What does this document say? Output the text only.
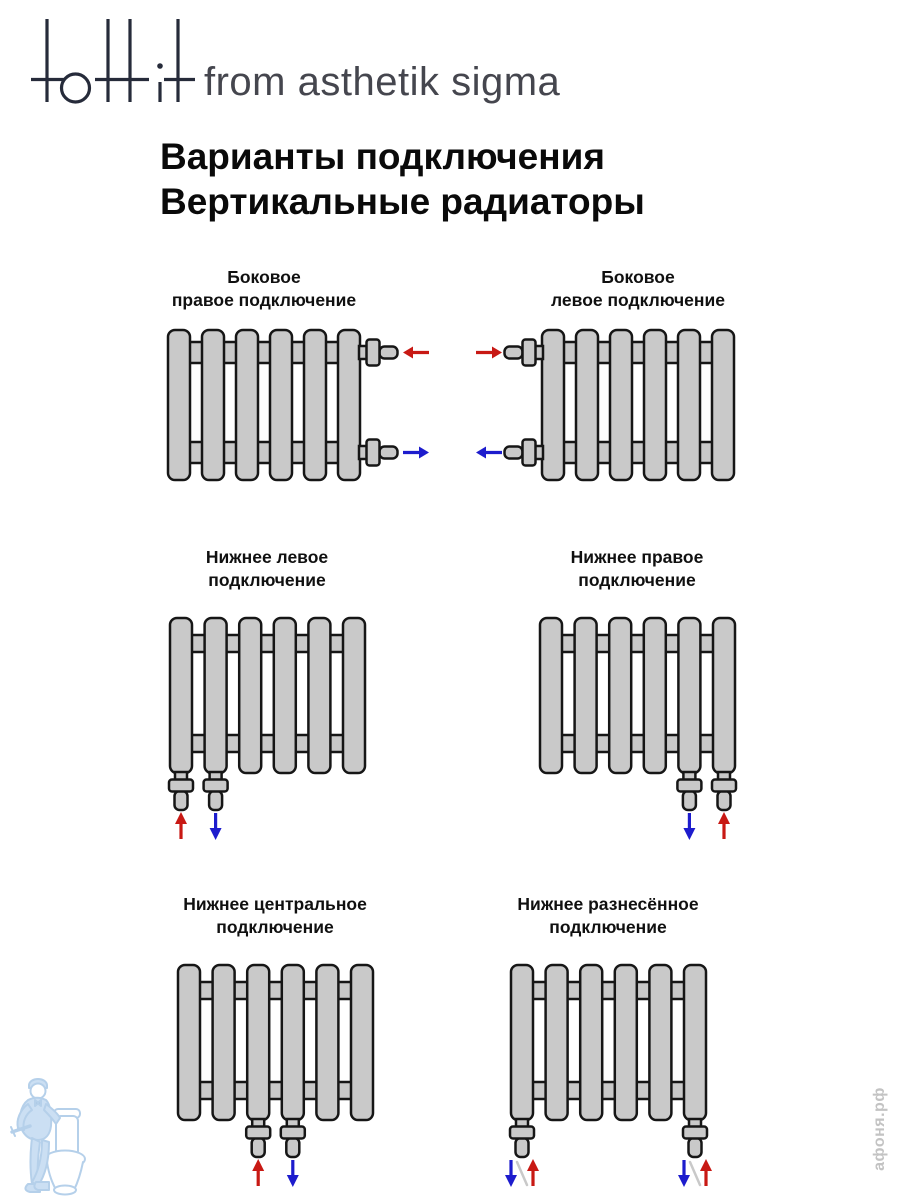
from asthetik sigma
Варианты подключения
Вертикальные радиаторы
Боковое
правое подключение
Боковое
левое подключение
Нижнее левое
подключение
Нижнее правое
подключение
Нижнее центральное
подключение
Нижнее разнесённое
подключение
афоня.рф
